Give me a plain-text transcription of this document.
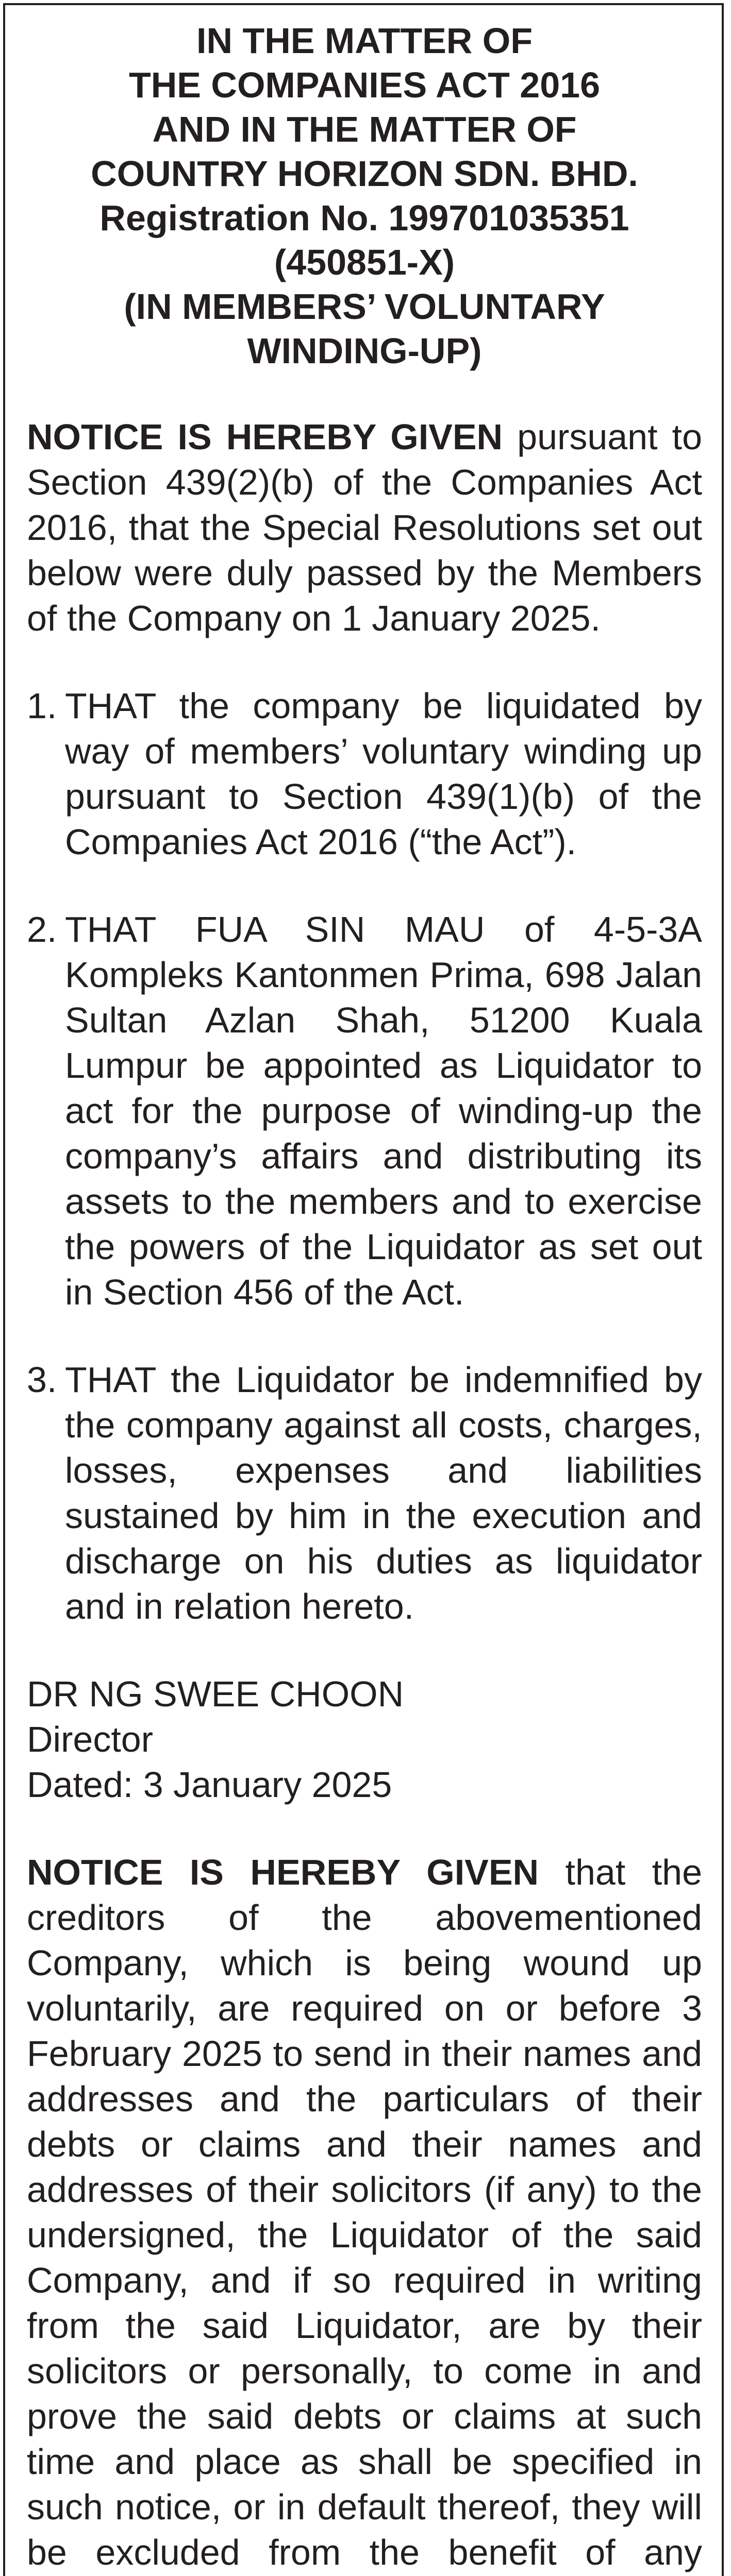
IN THE MATTER OF
THE COMPANIES ACT 2016
AND IN THE MATTER OF
COUNTRY HORIZON SDN. BHD.
Registration No. 199701035351
(450851-X)
(IN MEMBERS’ VOLUNTARY
WINDING-UP)

NOTICE IS HEREBY GIVEN pursuant to Section 439(2)(b) of the Companies Act 2016, that the Special Resolutions set out below were duly passed by the Members of the Company on 1 January 2025.

1. THAT the company be liquidated by way of members’ voluntary winding up pursuant to Section 439(1)(b) of the Companies Act 2016 (“the Act”).
2. THAT FUA SIN MAU of 4-5-3A Kompleks Kantonmen Prima, 698 Jalan Sultan Azlan Shah, 51200 Kuala Lumpur be appointed as Liquidator to act for the purpose of winding-up the company’s affairs and distributing its assets to the members and to exercise the powers of the Liquidator as set out in Section 456 of the Act.
3. THAT the Liquidator be indemnified by the company against all costs, charges, losses, expenses and liabilities sustained by him in the execution and discharge on his duties as liquidator and in relation hereto.
DR NG SWEE CHOON
Director
Dated: 3 January 2025

NOTICE IS HEREBY GIVEN that the creditors of the abovementioned Company, which is being wound up voluntarily, are required on or before 3 February 2025 to send in their names and addresses and the particulars of their debts or claims and their names and addresses of their solicitors (if any) to the undersigned, the Liquidator of the said Company, and if so required in writing from the said Liquidator, are by their solicitors or personally, to come in and prove the said debts or claims at such time and place as shall be specified in such notice, or in default thereof, they will be excluded from the benefit of any
